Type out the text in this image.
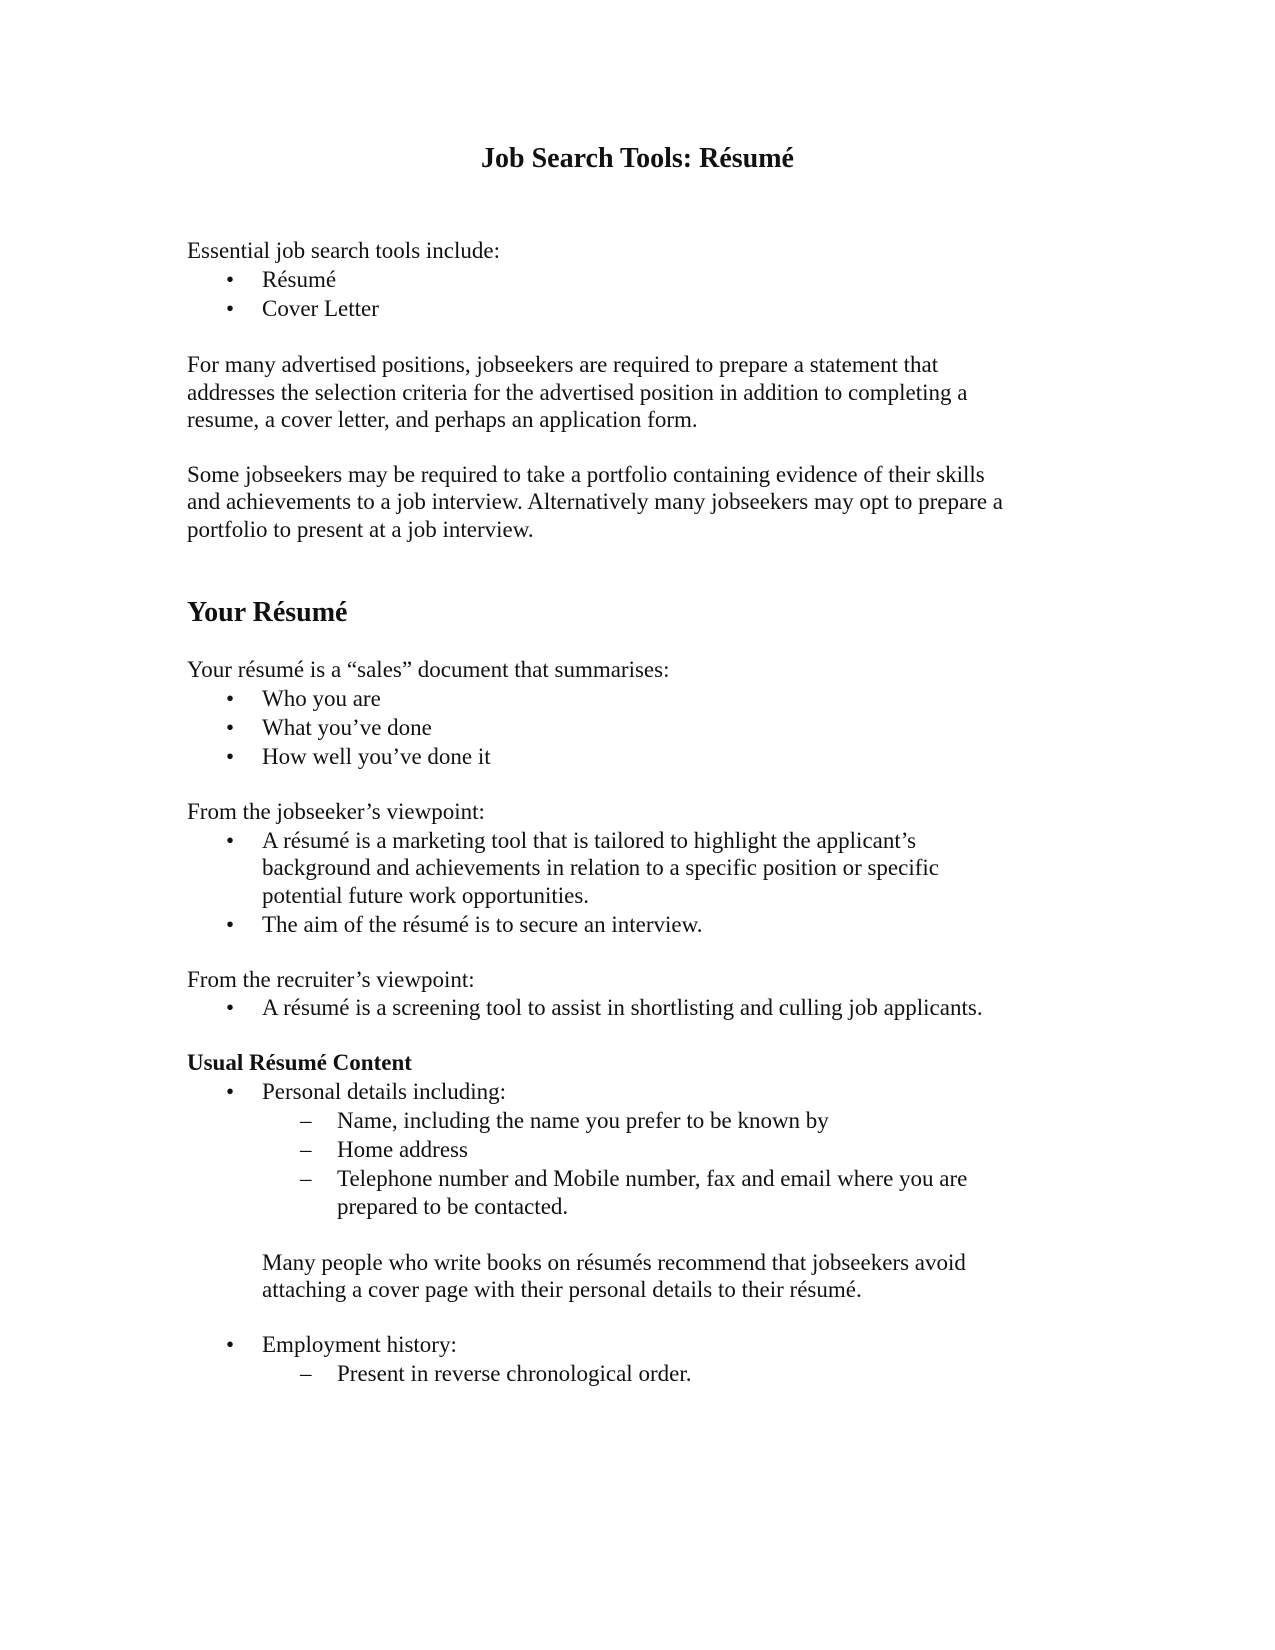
Job Search Tools: Résumé
Essential job search tools include:
• Résumé
• Cover Letter
For many advertised positions, jobseekers are required to prepare a statement that
addresses the selection criteria for the advertised position in addition to completing a
resume, a cover letter, and perhaps an application form.
Some jobseekers may be required to take a portfolio containing evidence of their skills
and achievements to a job interview. Alternatively many jobseekers may opt to prepare a
portfolio to present at a job interview.
Your Résumé
Your résumé is a “sales” document that summarises:
• Who you are
• What you’ve done
• How well you’ve done it
From the jobseeker’s viewpoint:
• A résumé is a marketing tool that is tailored to highlight the applicant’s
background and achievements in relation to a specific position or specific
potential future work opportunities.
• The aim of the résumé is to secure an interview.
From the recruiter’s viewpoint:
• A résumé is a screening tool to assist in shortlisting and culling job applicants.
Usual Résumé Content
• Personal details including:
– Name, including the name you prefer to be known by
– Home address
– Telephone number and Mobile number, fax and email where you are
prepared to be contacted.
Many people who write books on résumés recommend that jobseekers avoid
attaching a cover page with their personal details to their résumé.
• Employment history:
– Present in reverse chronological order.
